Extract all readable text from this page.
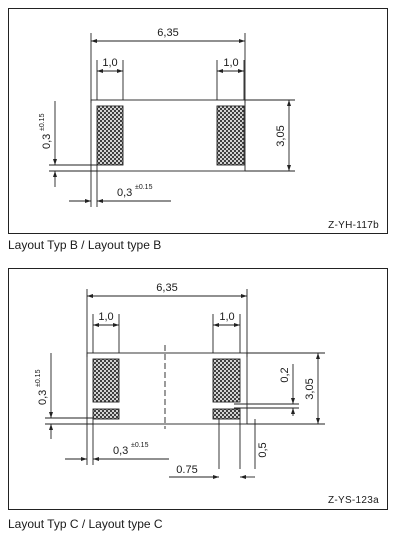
6,35
1,0	1,0
3,05
0,3
±0.15
0,3 ±0.15
Z-YH-117b
Layout Typ B / Layout type B
6,35
1,0	1,0
3,05
0,2
0,5
0.75
0,3
±0.15
0,3 ±0.15
Z-YS-123a
Layout Typ C / Layout type C
